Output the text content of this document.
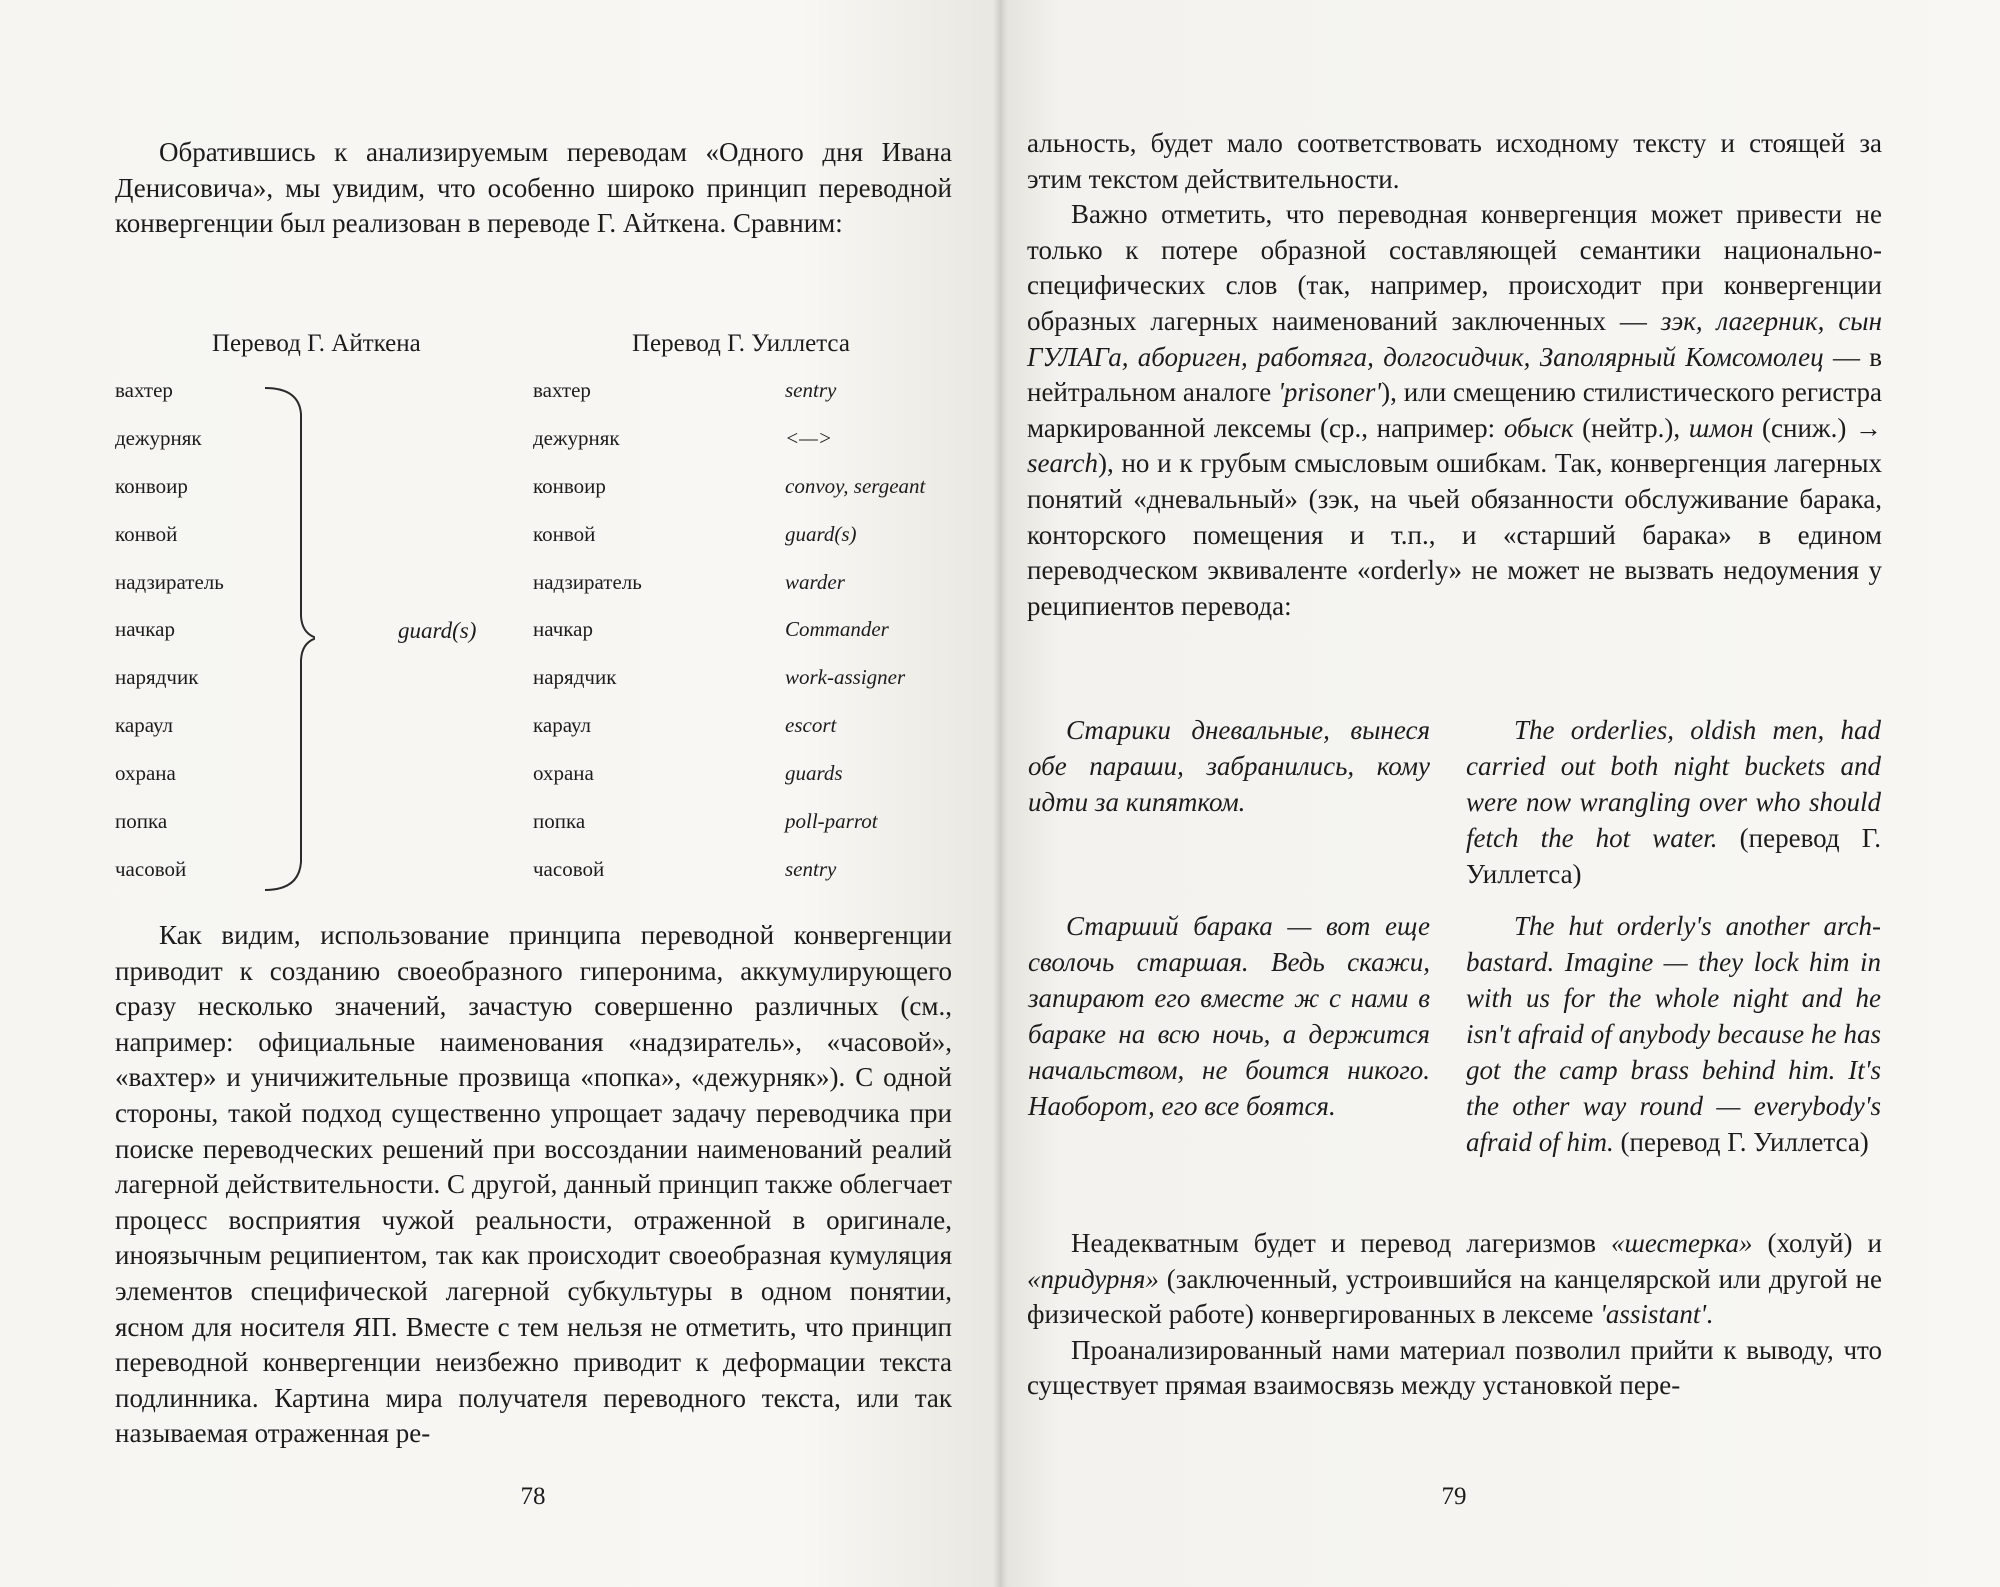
Обратившись к анализируемым переводам «Одного дня Ивана Денисовича», мы увидим, что особенно широко принцип переводной конвергенции был реализован в переводе Г. Айткена. Сравним:

Перевод Г. Айткена	Перевод Г. Уиллетса
вахтер	вахтер	sentry
дежурняк	дежурняк	<—>
конвоир	конвоир	convoy, sergeant
конвой	конвой	guard(s)
надзиратель	надзиратель	warder
начкар	начкар	Commander
нарядчик	нарядчик	work-assigner
караул	караул	escort
охрана	охрана	guards
попка	попка	poll-parrot
часовой	часовой	sentry
guard(s)

Как видим, использование принципа переводной конвергенции приводит к созданию своеобразного гиперонима, аккумулирующего сразу несколько значений, зачастую совершенно различных (см., например: официальные наименования «надзиратель», «часовой», «вахтер» и уничижительные прозвища «попка», «дежурняк»). С одной стороны, такой подход существенно упрощает задачу переводчика при поиске переводческих решений при воссоздании наименований реалий лагерной действительности. С другой, данный принцип также облегчает процесс восприятия чужой реальности, отраженной в оригинале, иноязычным реципиентом, так как происходит своеобразная кумуляция элементов специфической лагерной субкультуры в одном понятии, ясном для носителя ЯП. Вместе с тем нельзя не отметить, что принцип переводной конвергенции неизбежно приводит к деформации текста подлинника. Картина мира получателя переводного текста, или так называемая отраженная ре-

78

альность, будет мало соответствовать исходному тексту и стоящей за этим текстом действительности.

Важно отметить, что переводная конвергенция может привести не только к потере образной составляющей семантики национально-специфических слов (так, например, происходит при конвергенции образных лагерных наименований заключенных — зэк, лагерник, сын ГУЛАГа, абориген, работяга, долгосидчик, Заполярный Комсомолец — в нейтральном аналоге 'prisoner'), или смещению стилистического регистра маркированной лексемы (ср., например: обыск (нейтр.), шмон (сниж.) → search), но и к грубым смысловым ошибкам. Так, конвергенция лагерных понятий «дневальный» (зэк, на чьей обязанности обслуживание барака, конторского помещения и т.п., и «старший барака» в едином переводческом эквиваленте «orderly» не может не вызвать недоумения у реципиентов перевода:

Старики дневальные, вынеся обе параши, забранились, кому идти за кипятком.
The orderlies, oldish men, had carried out both night buckets and were now wrangling over who should fetch the hot water. (перевод Г. Уиллетса)
Старший барака — вот еще сволочь старшая. Ведь скажи, запирают его вместе ж с нами в бараке на всю ночь, а держится начальством, не боится никого. Наоборот, его все боятся.
The hut orderly's another arch-bastard. Imagine — they lock him in with us for the whole night and he isn't afraid of anybody because he has got the camp brass behind him. It's the other way round — everybody's afraid of him. (перевод Г. Уиллетса)

Неадекватным будет и перевод лагеризмов «шестерка» (холуй) и «придурня» (заключенный, устроившийся на канцелярской или другой не физической работе) конвергированных в лексеме 'assistant'.

Проанализированный нами материал позволил прийти к выводу, что существует прямая взаимосвязь между установкой пере-

79
